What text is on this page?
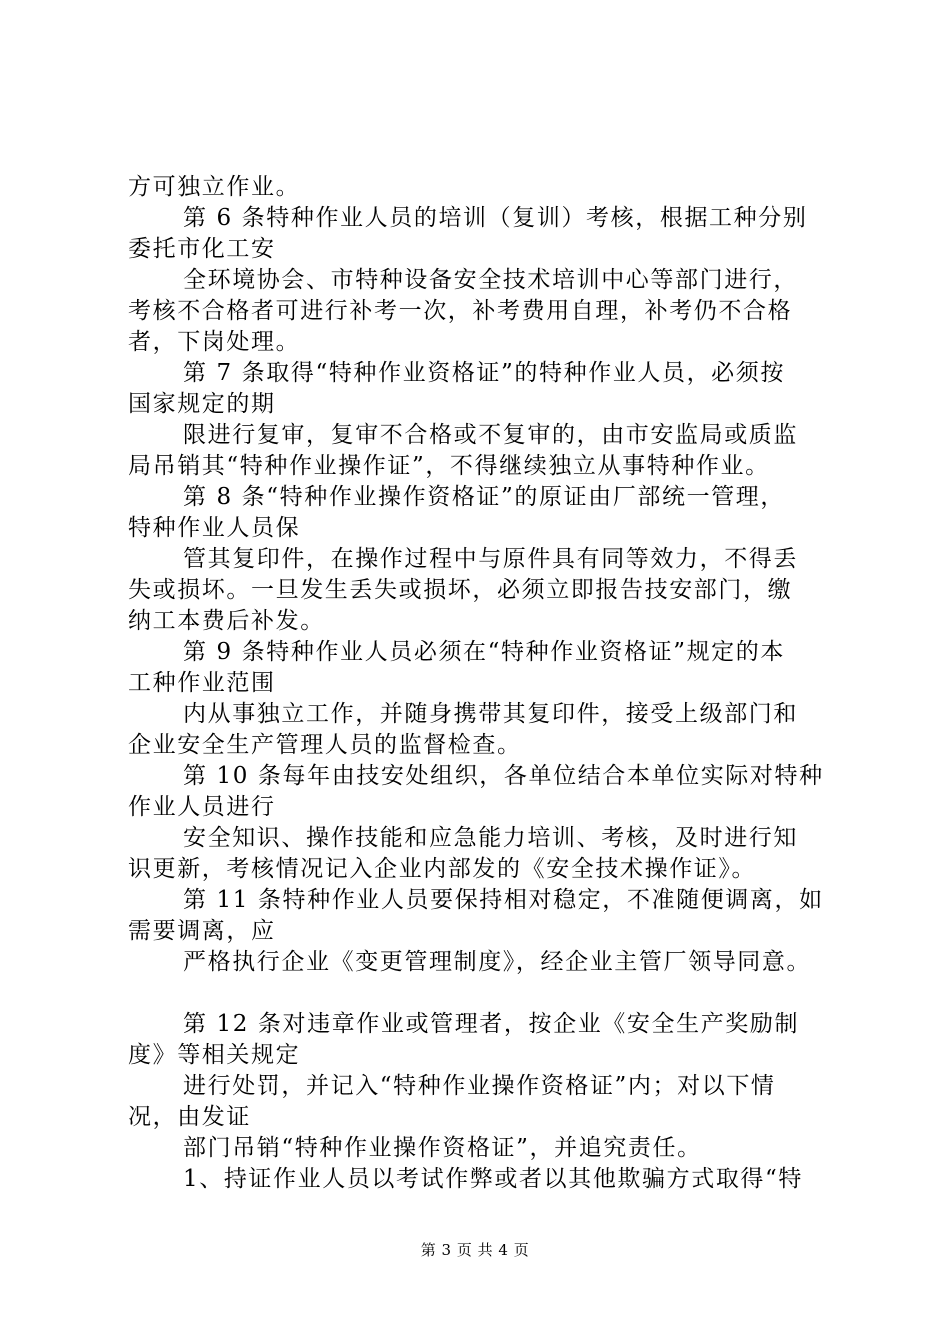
方可独立作业。
第 6 条特种作业人员的培训（复训）考核，根据工种分别
委托市化工安
全环境协会、市特种设备安全技术培训中心等部门进行，
考核不合格者可进行补考一次，补考费用自理，补考仍不合格
者，下岗处理。
第 7 条取得“特种作业资格证”的特种作业人员，必须按
国家规定的期
限进行复审，复审不合格或不复审的，由市安监局或质监
局吊销其“特种作业操作证”，不得继续独立从事特种作业。
第 8 条“特种作业操作资格证”的原证由厂部统一管理，
特种作业人员保
管其复印件，在操作过程中与原件具有同等效力，不得丢
失或损坏。一旦发生丢失或损坏，必须立即报告技安部门，缴
纳工本费后补发。
第 9 条特种作业人员必须在“特种作业资格证”规定的本
工种作业范围
内从事独立工作，并随身携带其复印件，接受上级部门和
企业安全生产管理人员的监督检查。
第 10 条每年由技安处组织，各单位结合本单位实际对特种
作业人员进行
安全知识、操作技能和应急能力培训、考核，及时进行知
识更新，考核情况记入企业内部发的《安全技术操作证》。
第 11 条特种作业人员要保持相对稳定，不准随便调离，如
需要调离，应
严格执行企业《变更管理制度》，经企业主管厂领导同意。
第 12 条对违章作业或管理者，按企业《安全生产奖励制
度》等相关规定
进行处罚，并记入“特种作业操作资格证”内；对以下情
况，由发证
部门吊销“特种作业操作资格证”，并追究责任。
1、持证作业人员以考试作弊或者以其他欺骗方式取得“特
第 3 页 共 4 页
